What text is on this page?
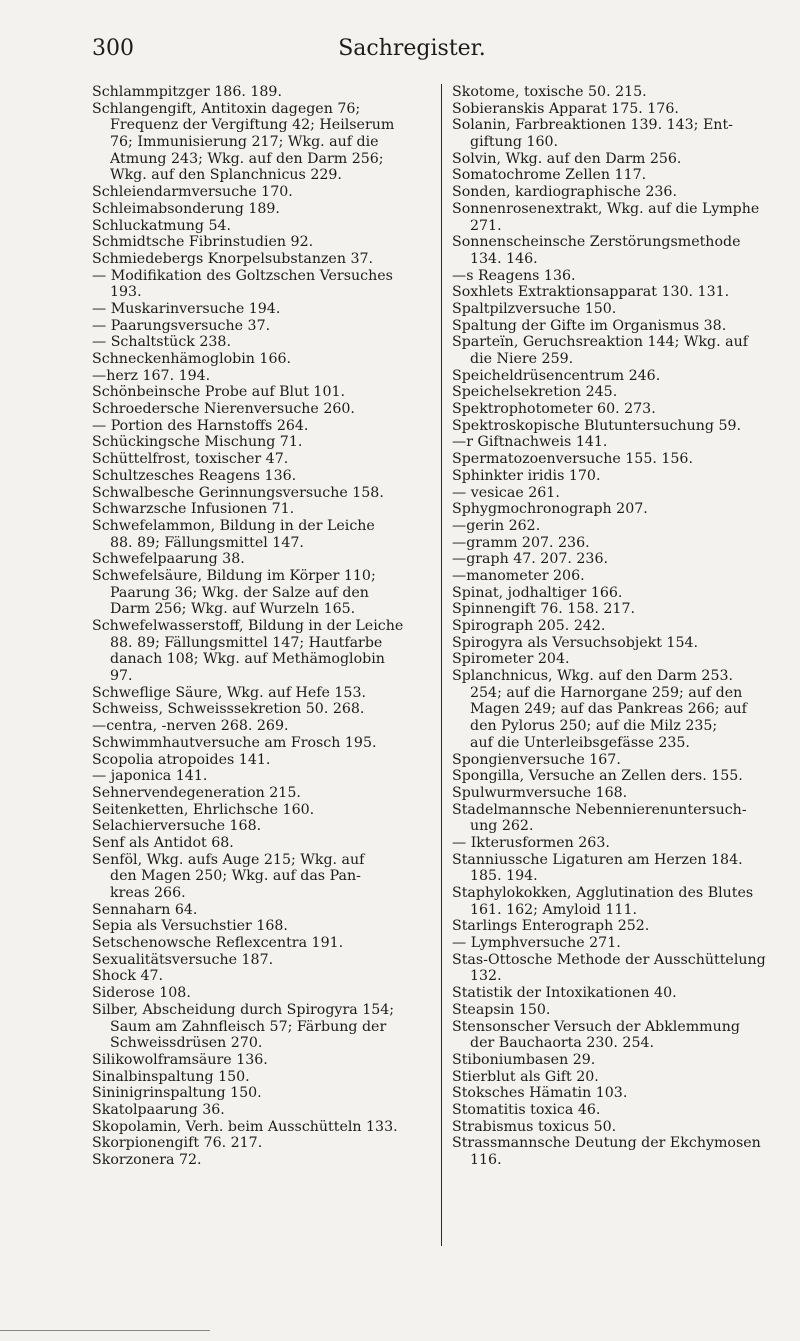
300	Sachregister.
Schlammpitzger 186. 189.
Schlangengift, Antitoxin dagegen 76;
Frequenz der Vergiftung 42; Heilserum
76; Immunisierung 217; Wkg. auf die
Atmung 243; Wkg. auf den Darm 256;
Wkg. auf den Splanchnicus 229.
Schleiendarmversuche 170.
Schleimabsonderung 189.
Schluckatmung 54.
Schmidtsche Fibrinstudien 92.
Schmiedebergs Knorpelsubstanzen 37.
— Modifikation des Goltzschen Versuches
193.
— Muskarinversuche 194.
— Paarungsversuche 37.
— Schaltstück 238.
Schneckenhämoglobin 166.
—herz 167. 194.
Schönbeinsche Probe auf Blut 101.
Schroedersche Nierenversuche 260.
— Portion des Harnstoffs 264.
Schückingsche Mischung 71.
Schüttelfrost, toxischer 47.
Schultzesches Reagens 136.
Schwalbesche Gerinnungsversuche 158.
Schwarzsche Infusionen 71.
Schwefelammon, Bildung in der Leiche
88. 89; Fällungsmittel 147.
Schwefelpaarung 38.
Schwefelsäure, Bildung im Körper 110;
Paarung 36; Wkg. der Salze auf den
Darm 256; Wkg. auf Wurzeln 165.
Schwefelwasserstoff, Bildung in der Leiche
88. 89; Fällungsmittel 147; Hautfarbe
danach 108; Wkg. auf Methämoglobin
97.
Schweflige Säure, Wkg. auf Hefe 153.
Schweiss, Schweisssekretion 50. 268.
—centra, -nerven 268. 269.
Schwimmhautversuche am Frosch 195.
Scopolia atropoides 141.
— japonica 141.
Sehnervendegeneration 215.
Seitenketten, Ehrlichsche 160.
Selachierversuche 168.
Senf als Antidot 68.
Senföl, Wkg. aufs Auge 215; Wkg. auf
den Magen 250; Wkg. auf das Pan-
kreas 266.
Sennaharn 64.
Sepia als Versuchstier 168.
Setschenowsche Reflexcentra 191.
Sexualitätsversuche 187.
Shock 47.
Siderose 108.
Silber, Abscheidung durch Spirogyra 154;
Saum am Zahnfleisch 57; Färbung der
Schweissdrüsen 270.
Silikowolframsäure 136.
Sinalbinspaltung 150.
Sininigrinspaltung 150.
Skatolpaarung 36.
Skopolamin, Verh. beim Ausschütteln 133.
Skorpionengift 76. 217.
Skorzonera 72.
Skotome, toxische 50. 215.
Sobieranskis Apparat 175. 176.
Solanin, Farbreaktionen 139. 143; Ent-
giftung 160.
Solvin, Wkg. auf den Darm 256.
Somatochrome Zellen 117.
Sonden, kardiographische 236.
Sonnenrosenextrakt, Wkg. auf die Lymphe
271.
Sonnenscheinsche Zerstörungsmethode
134. 146.
—s Reagens 136.
Soxhlets Extraktionsapparat 130. 131.
Spaltpilzversuche 150.
Spaltung der Gifte im Organismus 38.
Sparteïn, Geruchsreaktion 144; Wkg. auf
die Niere 259.
Speicheldrüsencentrum 246.
Speichelsekretion 245.
Spektrophotometer 60. 273.
Spektroskopische Blutuntersuchung 59.
—r Giftnachweis 141.
Spermatozoenversuche 155. 156.
Sphinkter iridis 170.
— vesicae 261.
Sphygmochronograph 207.
—gerin 262.
—gramm 207. 236.
—graph 47. 207. 236.
—manometer 206.
Spinat, jodhaltiger 166.
Spinnengift 76. 158. 217.
Spirograph 205. 242.
Spirogyra als Versuchsobjekt 154.
Spirometer 204.
Splanchnicus, Wkg. auf den Darm 253.
254; auf die Harnorgane 259; auf den
Magen 249; auf das Pankreas 266; auf
den Pylorus 250; auf die Milz 235;
auf die Unterleibsgefässe 235.
Spongienversuche 167.
Spongilla, Versuche an Zellen ders. 155.
Spulwurmversuche 168.
Stadelmannsche Nebennierenuntersuch-
ung 262.
— Ikterusformen 263.
Stanniussche Ligaturen am Herzen 184.
185. 194.
Staphylokokken, Agglutination des Blutes
161. 162; Amyloid 111.
Starlings Enterograph 252.
— Lymphversuche 271.
Stas-Ottosche Methode der Ausschüttelung
132.
Statistik der Intoxikationen 40.
Steapsin 150.
Stensonscher Versuch der Abklemmung
der Bauchaorta 230. 254.
Stiboniumbasen 29.
Stierblut als Gift 20.
Stoksches Hämatin 103.
Stomatitis toxica 46.
Strabismus toxicus 50.
Strassmannsche Deutung der Ekchymosen
116.
